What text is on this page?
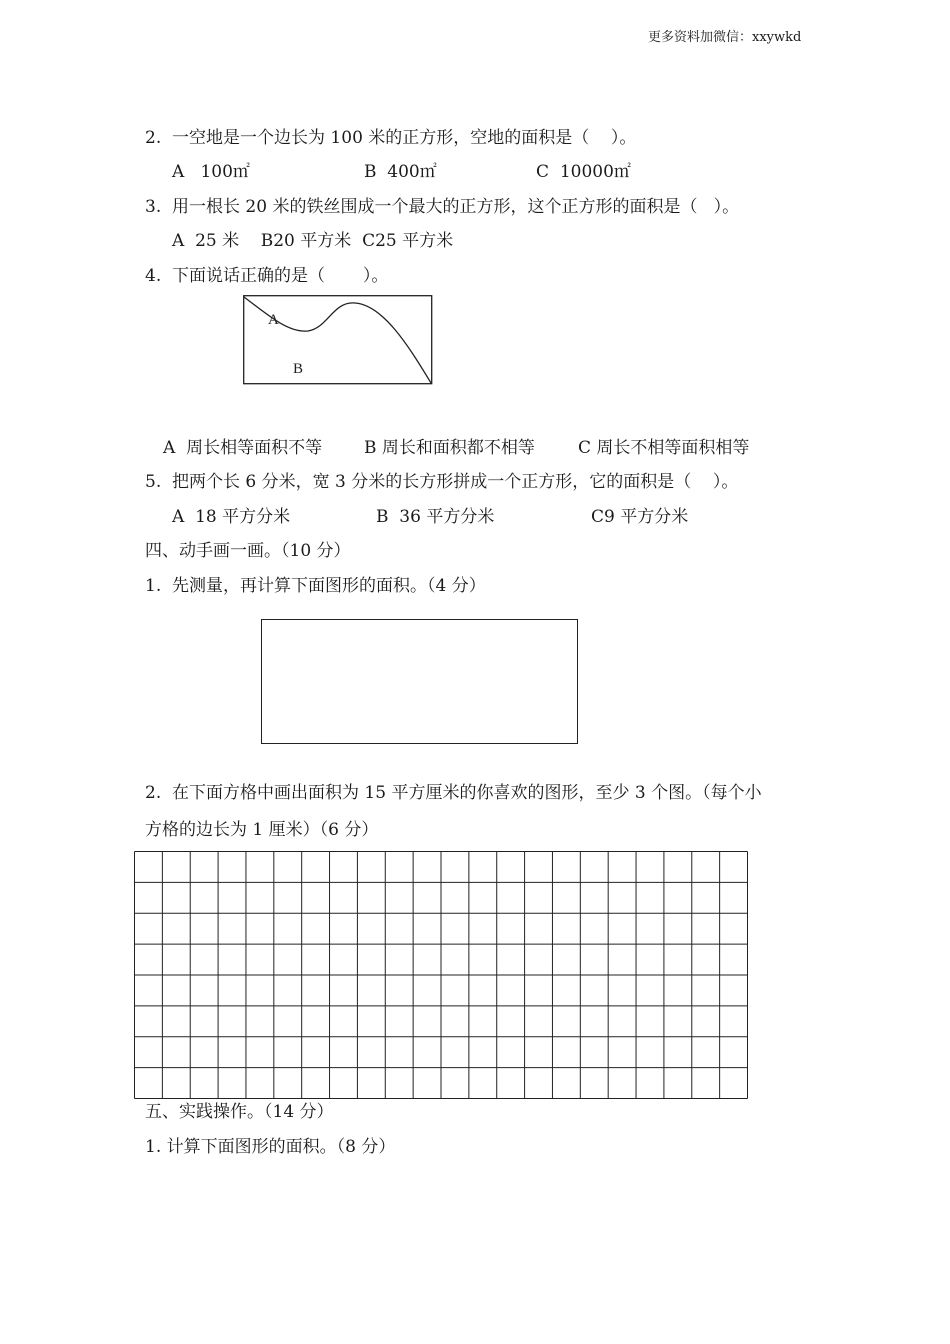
更多资料加微信：xxywkd
2.  一空地是一个边长为 100 米的正方形，空地的面积是（    ）。
A   100㎡	B  400㎡	C  10000㎡
3.  用一根长 20 米的铁丝围成一个最大的正方形，这个正方形的面积是（   ）。
A  25 米    B20 平方米  C25 平方米
4.  下面说话正确的是（       ）。
A
B
A  周长相等面积不等 B 周长和面积都不相等	C 周长不相等面积相等
5.  把两个长 6 分米，宽 3 分米的长方形拼成一个正方形，它的面积是（    ）。
A  18 平方分米	B  36 平方分米	C9 平方分米
四、动手画一画。（10 分）
1.  先测量，再计算下面图形的面积。（4 分）
2.  在下面方格中画出面积为 15 平方厘米的你喜欢的图形，至少 3 个图。（每个小
方格的边长为 1 厘米）（6 分）
五、实践操作。（14 分）
1. 计算下面图形的面积。（8 分）
